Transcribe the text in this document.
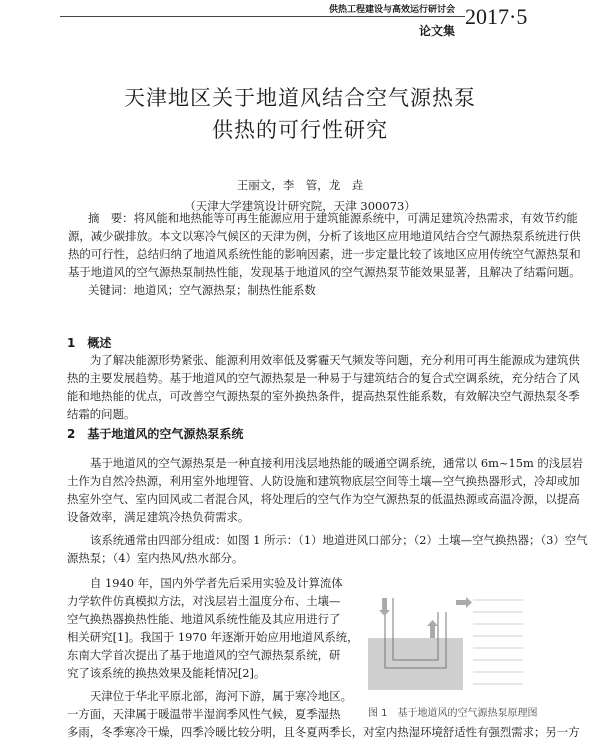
供热工程建设与高效运行研讨会 2017·5
论文集
天津地区关于地道风结合空气源热泵
供热的可行性研究
王丽文，李　管，龙　垚
（天津大学建筑设计研究院，天津 300073）
摘　要：将风能和地热能等可再生能源应用于建筑能源系统中，可满足建筑冷热需求，有效节约能
源，减少碳排放。本文以寒冷气候区的天津为例，分析了该地区应用地道风结合空气源热泵系统进行供
热的可行性，总结归纳了地道风系统性能的影响因素，进一步定量比较了该地区应用传统空气源热泵和
基于地道风的空气源热泵制热性能，发现基于地道风的空气源热泵节能效果显著，且解决了结霜问题。
关键词：地道风；空气源热泵；制热性能系数
1　概述
为了解决能源形势紧张、能源利用效率低及雾霾天气频发等问题，充分利用可再生能源成为建筑供
热的主要发展趋势。基于地道风的空气源热泵是一种易于与建筑结合的复合式空调系统，充分结合了风
能和地热能的优点，可改善空气源热泵的室外换热条件，提高热泵性能系数，有效解决空气源热泵冬季
结霜的问题。
2　基于地道风的空气源热泵系统
基于地道风的空气源热泵是一种直接利用浅层地热能的暖通空调系统，通常以 6m~15m 的浅层岩
土作为自然冷热源，利用室外地埋管、人防设施和建筑物底层空间等土壤—空气换热器形式，冷却或加
热室外空气、室内回风或二者混合风，将处理后的空气作为空气源热泵的低温热源或高温冷源，以提高
设备效率，满足建筑冷热负荷需求。
该系统通常由四部分组成：如图 1 所示：（1）地道进风口部分；（2）土壤—空气换热器；（3）空气
源热泵；（4）室内热风/热水部分。
自 1940 年，国内外学者先后采用实验及计算流体
力学软件仿真模拟方法，对浅层岩土温度分布、土壤—
空气换热器换热性能、地道风系统性能及其应用进行了
相关研究[1]。我国于 1970 年逐渐开始应用地道风系统，
东南大学首次提出了基于地道风的空气源热泵系统，研
究了该系统的换热效果及能耗情况[2]。
天津位于华北平原北部，海河下游，属于寒冷地区。
一方面，天津属于暖温带半湿润季风性气候，夏季湿热
多雨，冬季寒冷干燥，四季冷暖比较分明，且冬夏两季长，对室内热湿环境舒适性有强烈需求；另一方
图 1　基于地道风的空气源热泵原理图
